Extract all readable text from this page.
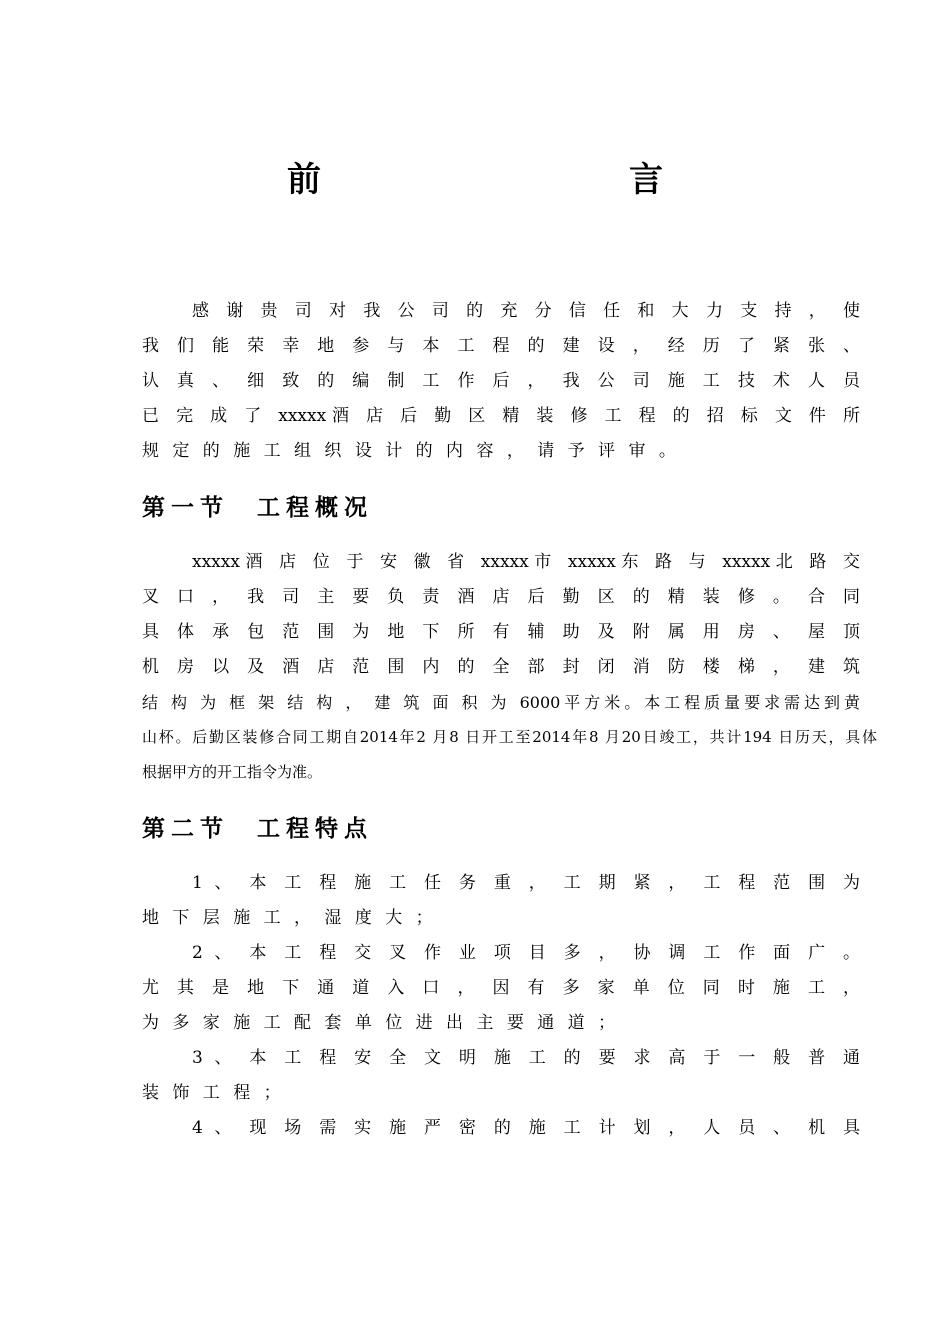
前　　言

感 谢 贵 司 对 我 公 司 的 充 分 信 任 和 大 力 支 持 ， 使
我 们 能 荣 幸 地 参 与 本 工 程 的 建 设 ， 经 历 了 紧 张 、
认 真 、 细 致 的 编 制 工 作 后 ， 我 公 司 施 工 技 术 人 员
已 完 成 了 xxxxx酒 店 后 勤 区 精 装 修 工 程 的 招 标 文 件 所
规 定 的 施 工 组 织 设 计 的 内 容 ， 请 予 评 审 。

第一节  工程概况

xxxxx酒 店 位 于 安 徽 省 xxxxx市 xxxxx东 路 与 xxxxx北 路 交
叉 口 ， 我 司 主 要 负 责 酒 店 后 勤 区 的 精 装 修 。 合 同
具 体 承 包 范 围 为 地 下 所 有 辅 助 及 附 属 用 房 、 屋 顶
机 房 以 及 酒 店 范 围 内 的 全 部 封 闭 消 防 楼 梯 ， 建 筑
结 构 为 框 架 结 构 ， 建 筑 面 积 为 6000平方米。本工程质量要求需达到黄
山杯。后勤区装修合同工期自2014年2 月8 日开工至2014年8 月20日竣工，共计194 日历天，具体
根据甲方的开工指令为准。

第二节  工程特点

1 、 本 工 程 施 工 任 务 重 ， 工 期 紧 ， 工 程 范 围 为
地 下 层 施 工 ， 湿 度 大 ；
2 、 本 工 程 交 叉 作 业 项 目 多 ， 协 调 工 作 面 广 。
尤 其 是 地 下 通 道 入 口 ， 因 有 多 家 单 位 同 时 施 工 ，
为 多 家 施 工 配 套 单 位 进 出 主 要 通 道 ；
3 、 本 工 程 安 全 文 明 施 工 的 要 求 高 于 一 般 普 通
装 饰 工 程 ；
4 、 现 场 需 实 施 严 密 的 施 工 计 划 ， 人 员 、 机 具
